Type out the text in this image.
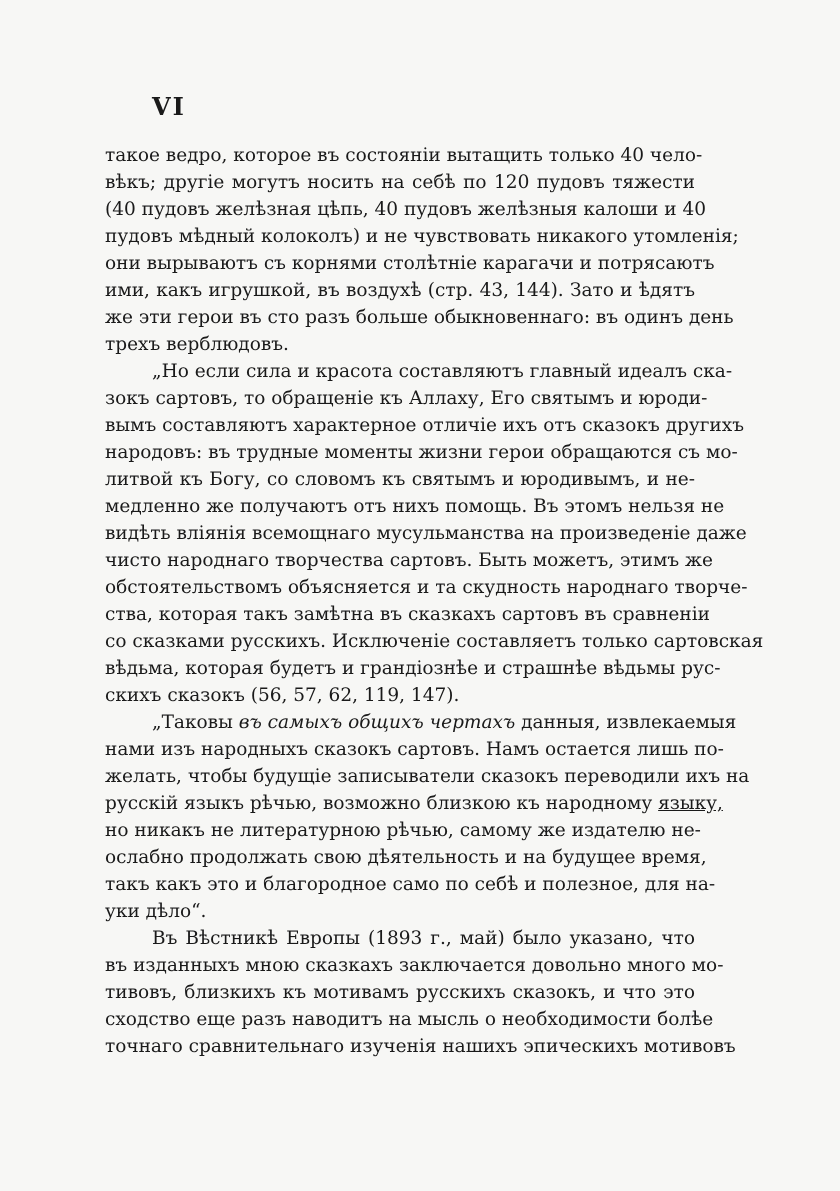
VI
такое ведро, которое въ состояніи вытащить только 40 чело-
вѣкъ; другіе могутъ носить на себѣ по 120 пудовъ тяжести
(40 пудовъ желѣзная цѣпь, 40 пудовъ желѣзныя калоши и 40
пудовъ мѣдный колоколъ) и не чувствовать никакого утомленія;
они вырываютъ съ корнями столѣтніе карагачи и потрясаютъ
ими, какъ игрушкой, въ воздухѣ (стр. 43, 144). Зато и ѣдятъ
же эти герои въ сто разъ больше обыкновеннаго: въ одинъ день
трехъ верблюдовъ.
„Но если сила и красота составляютъ главный идеалъ ска-
зокъ сартовъ, то обращеніе къ Аллаху, Его святымъ и юроди-
вымъ составляютъ характерное отличіе ихъ отъ сказокъ другихъ
народовъ: въ трудные моменты жизни герои обращаются съ мо-
литвой къ Богу, со словомъ къ святымъ и юродивымъ, и не-
медленно же получаютъ отъ нихъ помощь. Въ этомъ нельзя не
видѣть вліянія всемощнаго мусульманства на произведеніе даже
чисто народнаго творчества сартовъ. Быть можетъ, этимъ же
обстоятельствомъ объясняется и та скудность народнаго творче-
ства, которая такъ замѣтна въ сказкахъ сартовъ въ сравненіи
со сказками русскихъ. Исключеніе составляетъ только сартовская
вѣдьма, которая будетъ и грандіознѣе и страшнѣе вѣдьмы рус-
скихъ сказокъ (56, 57, 62, 119, 147).
„Таковы въ самыхъ общихъ чертахъ данныя, извлекаемыя
нами изъ народныхъ сказокъ сартовъ. Намъ остается лишь по-
желать, чтобы будущіе записыватели сказокъ переводили ихъ на
русскій языкъ рѣчью, возможно близкою къ народному языку,
но никакъ не литературною рѣчью, самому же издателю не-
ослабно продолжать свою дѣятельность и на будущее время,
такъ какъ это и благородное само по себѣ и полезное, для на-
уки дѣло“.
Въ Вѣстникѣ Европы (1893 г., май) было указано, что
въ изданныхъ мною сказкахъ заключается довольно много мо-
тивовъ, близкихъ къ мотивамъ русскихъ сказокъ, и что это
сходство еще разъ наводитъ на мысль о необходимости болѣе
точнаго сравнительнаго изученія нашихъ эпическихъ мотивовъ
